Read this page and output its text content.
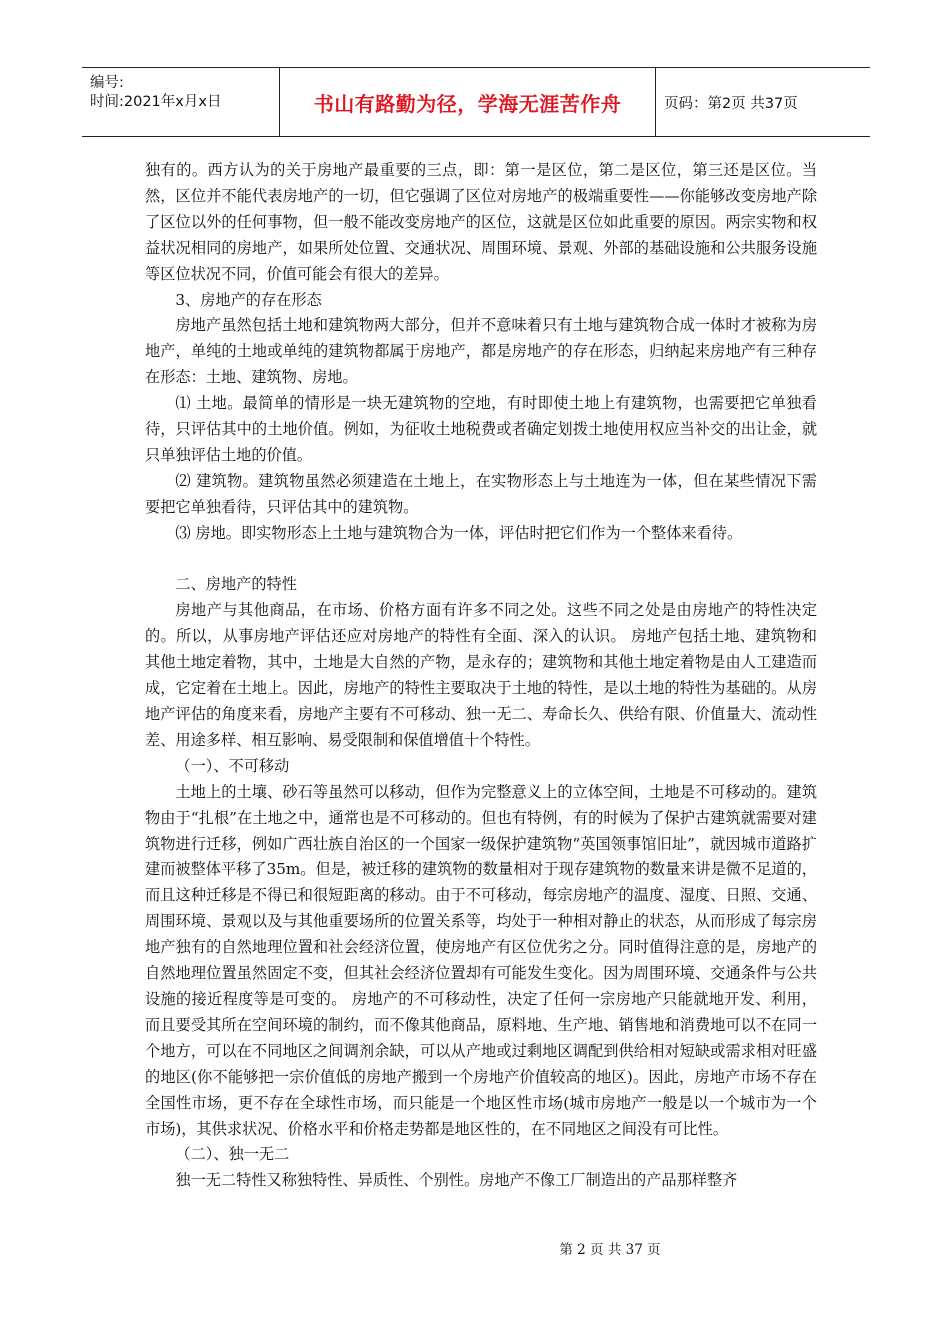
编号:
时间:2021年x月x日	书山有路勤为径，学海无涯苦作舟	页码：第2页 共37页

独有的。西方认为的关于房地产最重要的三点，即：第一是区位，第二是区位，第三还是区位。当然，区位并不能代表房地产的一切，但它强调了区位对房地产的极端重要性——你能够改变房地产除了区位以外的任何事物，但一般不能改变房地产的区位，这就是区位如此重要的原因。两宗实物和权益状况相同的房地产，如果所处位置、交通状况、周围环境、景观、外部的基础设施和公共服务设施等区位状况不同，价值可能会有很大的差异。

3、房地产的存在形态

房地产虽然包括土地和建筑物两大部分，但并不意味着只有土地与建筑物合成一体时才被称为房地产，单纯的土地或单纯的建筑物都属于房地产，都是房地产的存在形态，归纳起来房地产有三种存在形态：土地、建筑物、房地。

⑴ 土地。最简单的情形是一块无建筑物的空地，有时即使土地上有建筑物，也需要把它单独看待，只评估其中的土地价值。例如，为征收土地税费或者确定划拨土地使用权应当补交的出让金，就只单独评估土地的价值。

⑵ 建筑物。建筑物虽然必须建造在土地上，在实物形态上与土地连为一体，但在某些情况下需要把它单独看待，只评估其中的建筑物。

⑶ 房地。即实物形态上土地与建筑物合为一体，评估时把它们作为一个整体来看待。

二、房地产的特性

房地产与其他商品，在市场、价格方面有许多不同之处。这些不同之处是由房地产的特性决定的。所以，从事房地产评估还应对房地产的特性有全面、深入的认识。 房地产包括土地、建筑物和其他土地定着物，其中，土地是大自然的产物，是永存的；建筑物和其他土地定着物是由人工建造而成，它定着在土地上。因此，房地产的特性主要取决于土地的特性，是以土地的特性为基础的。从房地产评估的角度来看，房地产主要有不可移动、独一无二、寿命长久、供给有限、价值量大、流动性差、用途多样、相互影响、易受限制和保值增值十个特性。

（一）、不可移动

土地上的土壤、砂石等虽然可以移动，但作为完整意义上的立体空间，土地是不可移动的。建筑物由于“扎根”在土地之中，通常也是不可移动的。但也有特例，有的时候为了保护古建筑就需要对建筑物进行迁移，例如广西壮族自治区的一个国家一级保护建筑物“英国领事馆旧址”，就因城市道路扩建而被整体平移了35m。但是，被迁移的建筑物的数量相对于现存建筑物的数量来讲是微不足道的，而且这种迁移是不得已和很短距离的移动。由于不可移动，每宗房地产的温度、湿度、日照、交通、周围环境、景观以及与其他重要场所的位置关系等，均处于一种相对静止的状态，从而形成了每宗房地产独有的自然地理位置和社会经济位置，使房地产有区位优劣之分。同时值得注意的是，房地产的自然地理位置虽然固定不变，但其社会经济位置却有可能发生变化。因为周围环境、交通条件与公共设施的接近程度等是可变的。 房地产的不可移动性，决定了任何一宗房地产只能就地开发、利用，而且要受其所在空间环境的制约，而不像其他商品，原料地、生产地、销售地和消费地可以不在同一个地方，可以在不同地区之间调剂余缺，可以从产地或过剩地区调配到供给相对短缺或需求相对旺盛的地区(你不能够把一宗价值低的房地产搬到一个房地产价值较高的地区)。因此，房地产市场不存在全国性市场，更不存在全球性市场，而只能是一个地区性市场(城市房地产一般是以一个城市为一个市场)，其供求状况、价格水平和价格走势都是地区性的，在不同地区之间没有可比性。

（二）、独一无二

独一无二特性又称独特性、异质性、个别性。房地产不像工厂制造出的产品那样整齐

第 2 页 共 37 页
